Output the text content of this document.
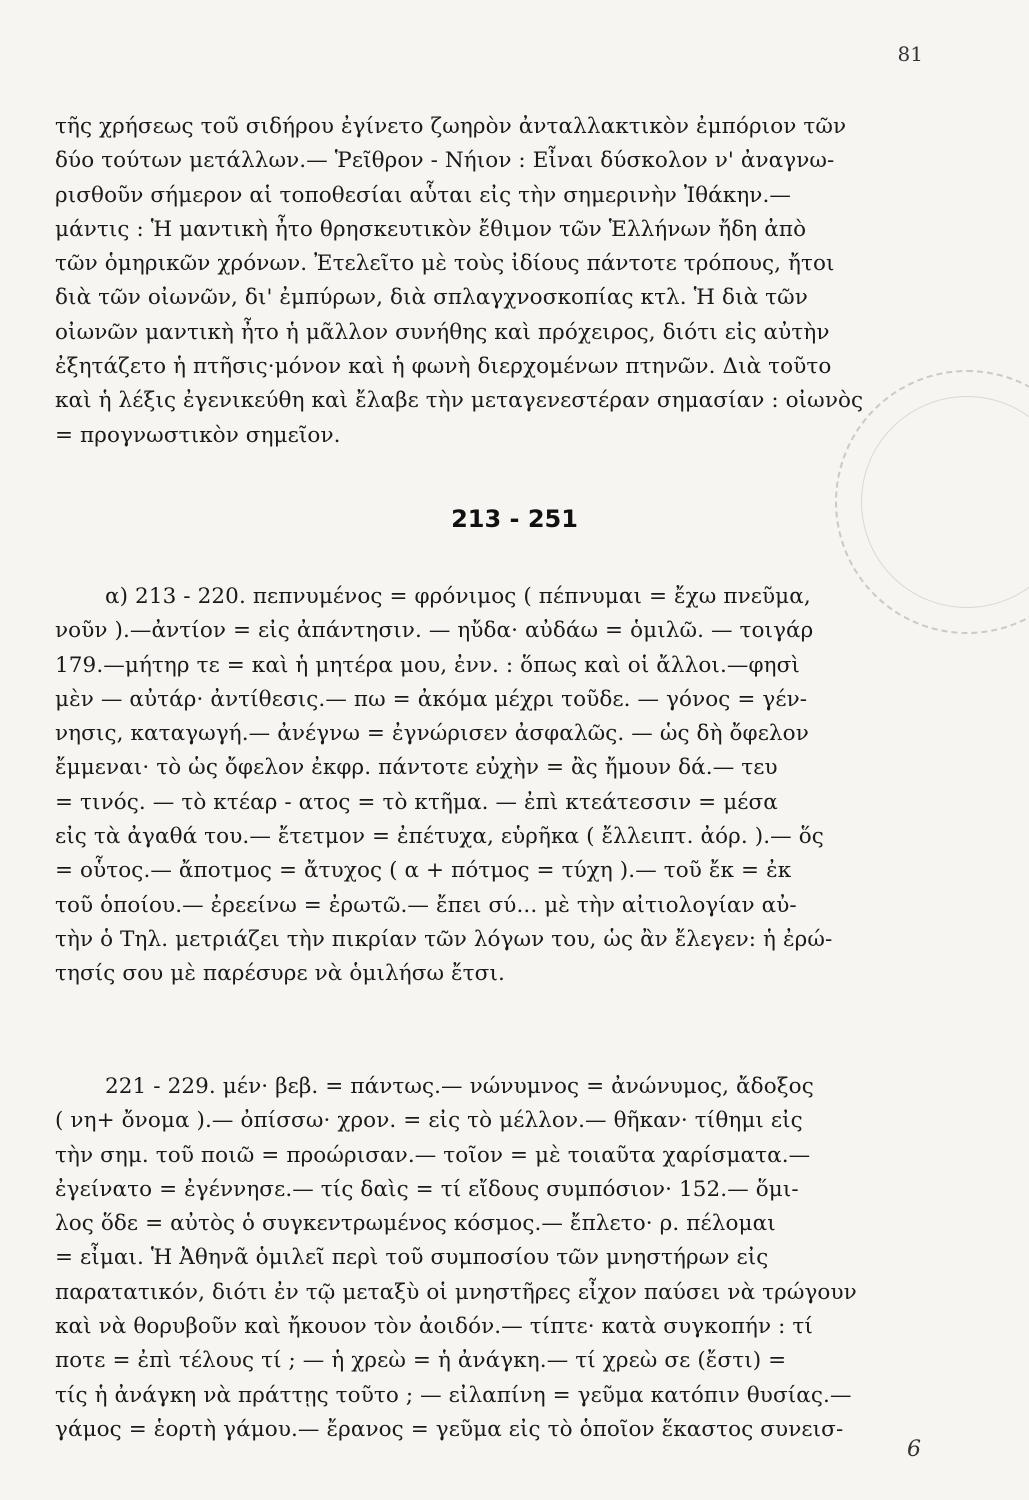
81
τῆς χρήσεως τοῦ σιδήρου ἐγίνετο ζωηρὸν ἀνταλλακτικὸν ἐμπόριον τῶν
δύο τούτων μετάλλων.— Ῥεῖθρον - Νήιον : Εἶναι δύσκολον ν' ἀναγνω-
ρισθοῦν σήμερον αἱ τοποθεσίαι αὗται εἰς τὴν σημερινὴν Ἰθάκην.—
μάντις : Ἡ μαντικὴ ἦτο θρησκευτικὸν ἔθιμον τῶν Ἑλλήνων ἤδη ἀπὸ
τῶν ὁμηρικῶν χρόνων. Ἐτελεῖτο μὲ τοὺς ἰδίους πάντοτε τρόπους, ἤτοι
διὰ τῶν οἰωνῶν, δι' ἐμπύρων, διὰ σπλαγχνοσκοπίας κτλ. Ἡ διὰ τῶν
οἰωνῶν μαντικὴ ἦτο ἡ μᾶλλον συνήθης καὶ πρόχειρος, διότι εἰς αὐτὴν
ἐξητάζετο ἡ πτῆσις·μόνον καὶ ἡ φωνὴ διερχομένων πτηνῶν. Διὰ τοῦτο
καὶ ἡ λέξις ἐγενικεύθη καὶ ἔλαβε τὴν μεταγενεστέραν σημασίαν : οἰωνὸς
= προγνωστικὸν σημεῖον.
213 - 251
α) 213 - 220. πεπνυμένος = φρόνιμος ( πέπνυμαι = ἔχω πνεῦμα,
νοῦν ).—ἀντίον = εἰς ἀπάντησιν. — ηὔδα· αὐδάω = ὁμιλῶ. — τοιγάρ
179.—μήτηρ τε = καὶ ἡ μητέρα μου, ἐνν. : ὅπως καὶ οἱ ἄλλοι.—φησὶ
μὲν — αὐτάρ· ἀντίθεσις.— πω = ἀκόμα μέχρι τοῦδε. — γόνος = γέν-
νησις, καταγωγή.— ἀνέγνω = ἐγνώρισεν ἀσφαλῶς. — ὡς δὴ ὄφελον
ἔμμεναι· τὸ ὡς ὄφελον ἐκφρ. πάντοτε εὐχὴν = ἂς ἤμουν δά.— τευ
= τινός. — τὸ κτέαρ - ατος = τὸ κτῆμα. — ἐπὶ κτεάτεσσιν = μέσα
εἰς τὰ ἀγαθά του.— ἔτετμον = ἐπέτυχα, εὑρῆκα ( ἔλλειπτ. ἀόρ. ).— ὅς
= οὗτος.— ἄποτμος = ἄτυχος ( α + πότμος = τύχη ).— τοῦ ἔκ = ἐκ
τοῦ ὁποίου.— ἐρεείνω = ἐρωτῶ.— ἔπει σύ... μὲ τὴν αἰτιολογίαν αὐ-
τὴν ὁ Τηλ. μετριάζει τὴν πικρίαν τῶν λόγων του, ὡς ἂν ἔλεγεν: ἡ ἐρώ-
τησίς σου μὲ παρέσυρε νὰ ὁμιλήσω ἔτσι.
221 - 229. μέν· βεβ. = πάντως.— νώνυμνος = ἀνώνυμος, ἄδοξος
( νη+ ὄνομα ).— ὀπίσσω· χρον. = εἰς τὸ μέλλον.— θῆκαν· τίθημι εἰς
τὴν σημ. τοῦ ποιῶ = προώρισαν.— τοῖον = μὲ τοιαῦτα χαρίσματα.—
ἐγείνατο = ἐγέννησε.— τίς δαὶς = τί εἴδους συμπόσιον· 152.— ὅμι-
λος ὅδε = αὐτὸς ὁ συγκεντρωμένος κόσμος.— ἔπλετο· ρ. πέλομαι
= εἶμαι. Ἡ Ἀθηνᾶ ὁμιλεῖ περὶ τοῦ συμποσίου τῶν μνηστήρων εἰς
παρατατικόν, διότι ἐν τῷ μεταξὺ οἱ μνηστῆρες εἶχον παύσει νὰ τρώγουν
καὶ νὰ θορυβοῦν καὶ ἤκουον τὸν ἀοιδόν.— τίπτε· κατὰ συγκοπήν : τί
ποτε = ἐπὶ τέλους τί ; — ἡ χρεὼ = ἡ ἀνάγκη.— τί χρεὼ σε (ἔστι) =
τίς ἡ ἀνάγκη νὰ πράττῃς τοῦτο ; — εἰλαπίνη = γεῦμα κατόπιν θυσίας.—
γάμος = ἑορτὴ γάμου.— ἔρανος = γεῦμα εἰς τὸ ὁποῖον ἕκαστος συνεισ-
6
